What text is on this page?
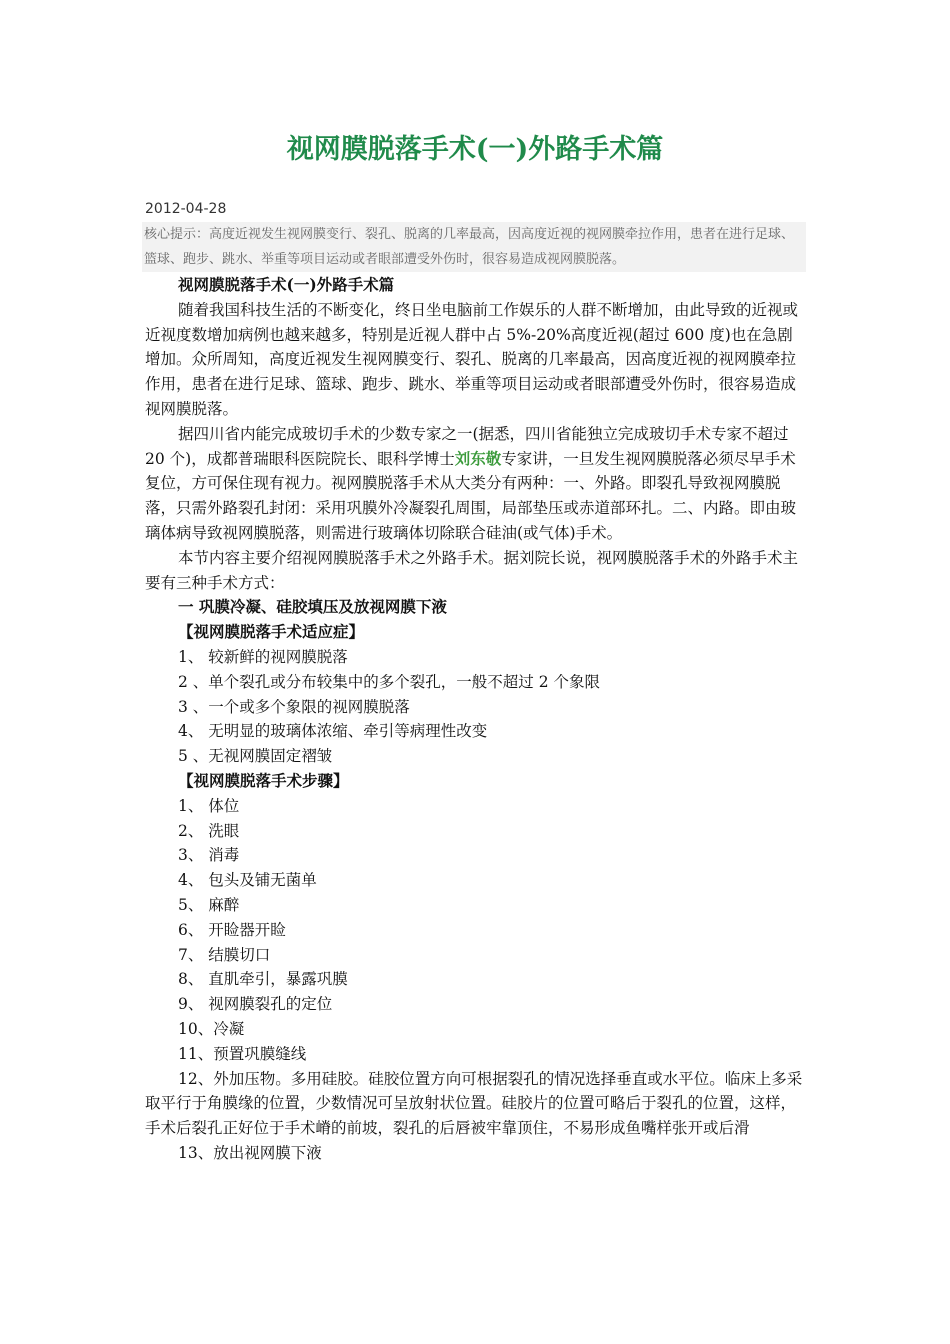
视网膜脱落手术(一)外路手术篇
2012-04-28
核心提示：高度近视发生视网膜变行、裂孔、脱离的几率最高，因高度近视的视网膜牵拉作用，患者在进行足球、篮球、跑步、跳水、举重等项目运动或者眼部遭受外伤时，很容易造成视网膜脱落。

视网膜脱落手术(一)外路手术篇

随着我国科技生活的不断变化，终日坐电脑前工作娱乐的人群不断增加，由此导致的近视或近视度数增加病例也越来越多，特别是近视人群中占 5%-20%高度近视(超过 600 度)也在急剧增加。众所周知，高度近视发生视网膜变行、裂孔、脱离的几率最高，因高度近视的视网膜牵拉作用，患者在进行足球、篮球、跑步、跳水、举重等项目运动或者眼部遭受外伤时，很容易造成视网膜脱落。

据四川省内能完成玻切手术的少数专家之一(据悉，四川省能独立完成玻切手术专家不超过 20 个)，成都普瑞眼科医院院长、眼科学博士刘东敬专家讲，一旦发生视网膜脱落必须尽早手术复位，方可保住现有视力。视网膜脱落手术从大类分有两种：一、外路。即裂孔导致视网膜脱落，只需外路裂孔封闭：采用巩膜外冷凝裂孔周围，局部垫压或赤道部环扎。二、内路。即由玻璃体病导致视网膜脱落，则需进行玻璃体切除联合硅油(或气体)手术。

本节内容主要介绍视网膜脱落手术之外路手术。据刘院长说，视网膜脱落手术的外路手术主要有三种手术方式：

一 巩膜冷凝、硅胶填压及放视网膜下液

【视网膜脱落手术适应症】

1、 较新鲜的视网膜脱落

2 、单个裂孔或分布较集中的多个裂孔，一般不超过 2 个象限

3 、一个或多个象限的视网膜脱落

4、 无明显的玻璃体浓缩、牵引等病理性改变

5 、无视网膜固定褶皱

【视网膜脱落手术步骤】

1、 体位

2、 洗眼

3、 消毒

4、 包头及铺无菌单

5、 麻醉

6、 开睑器开睑

7、 结膜切口

8、 直肌牵引，暴露巩膜

9、 视网膜裂孔的定位

10、冷凝

11、预置巩膜缝线

12、外加压物。多用硅胶。硅胶位置方向可根据裂孔的情况选择垂直或水平位。临床上多采取平行于角膜缘的位置，少数情况可呈放射状位置。硅胶片的位置可略后于裂孔的位置，这样，手术后裂孔正好位于手术嵴的前坡，裂孔的后唇被牢靠顶住，不易形成鱼嘴样张开或后滑

13、放出视网膜下液
